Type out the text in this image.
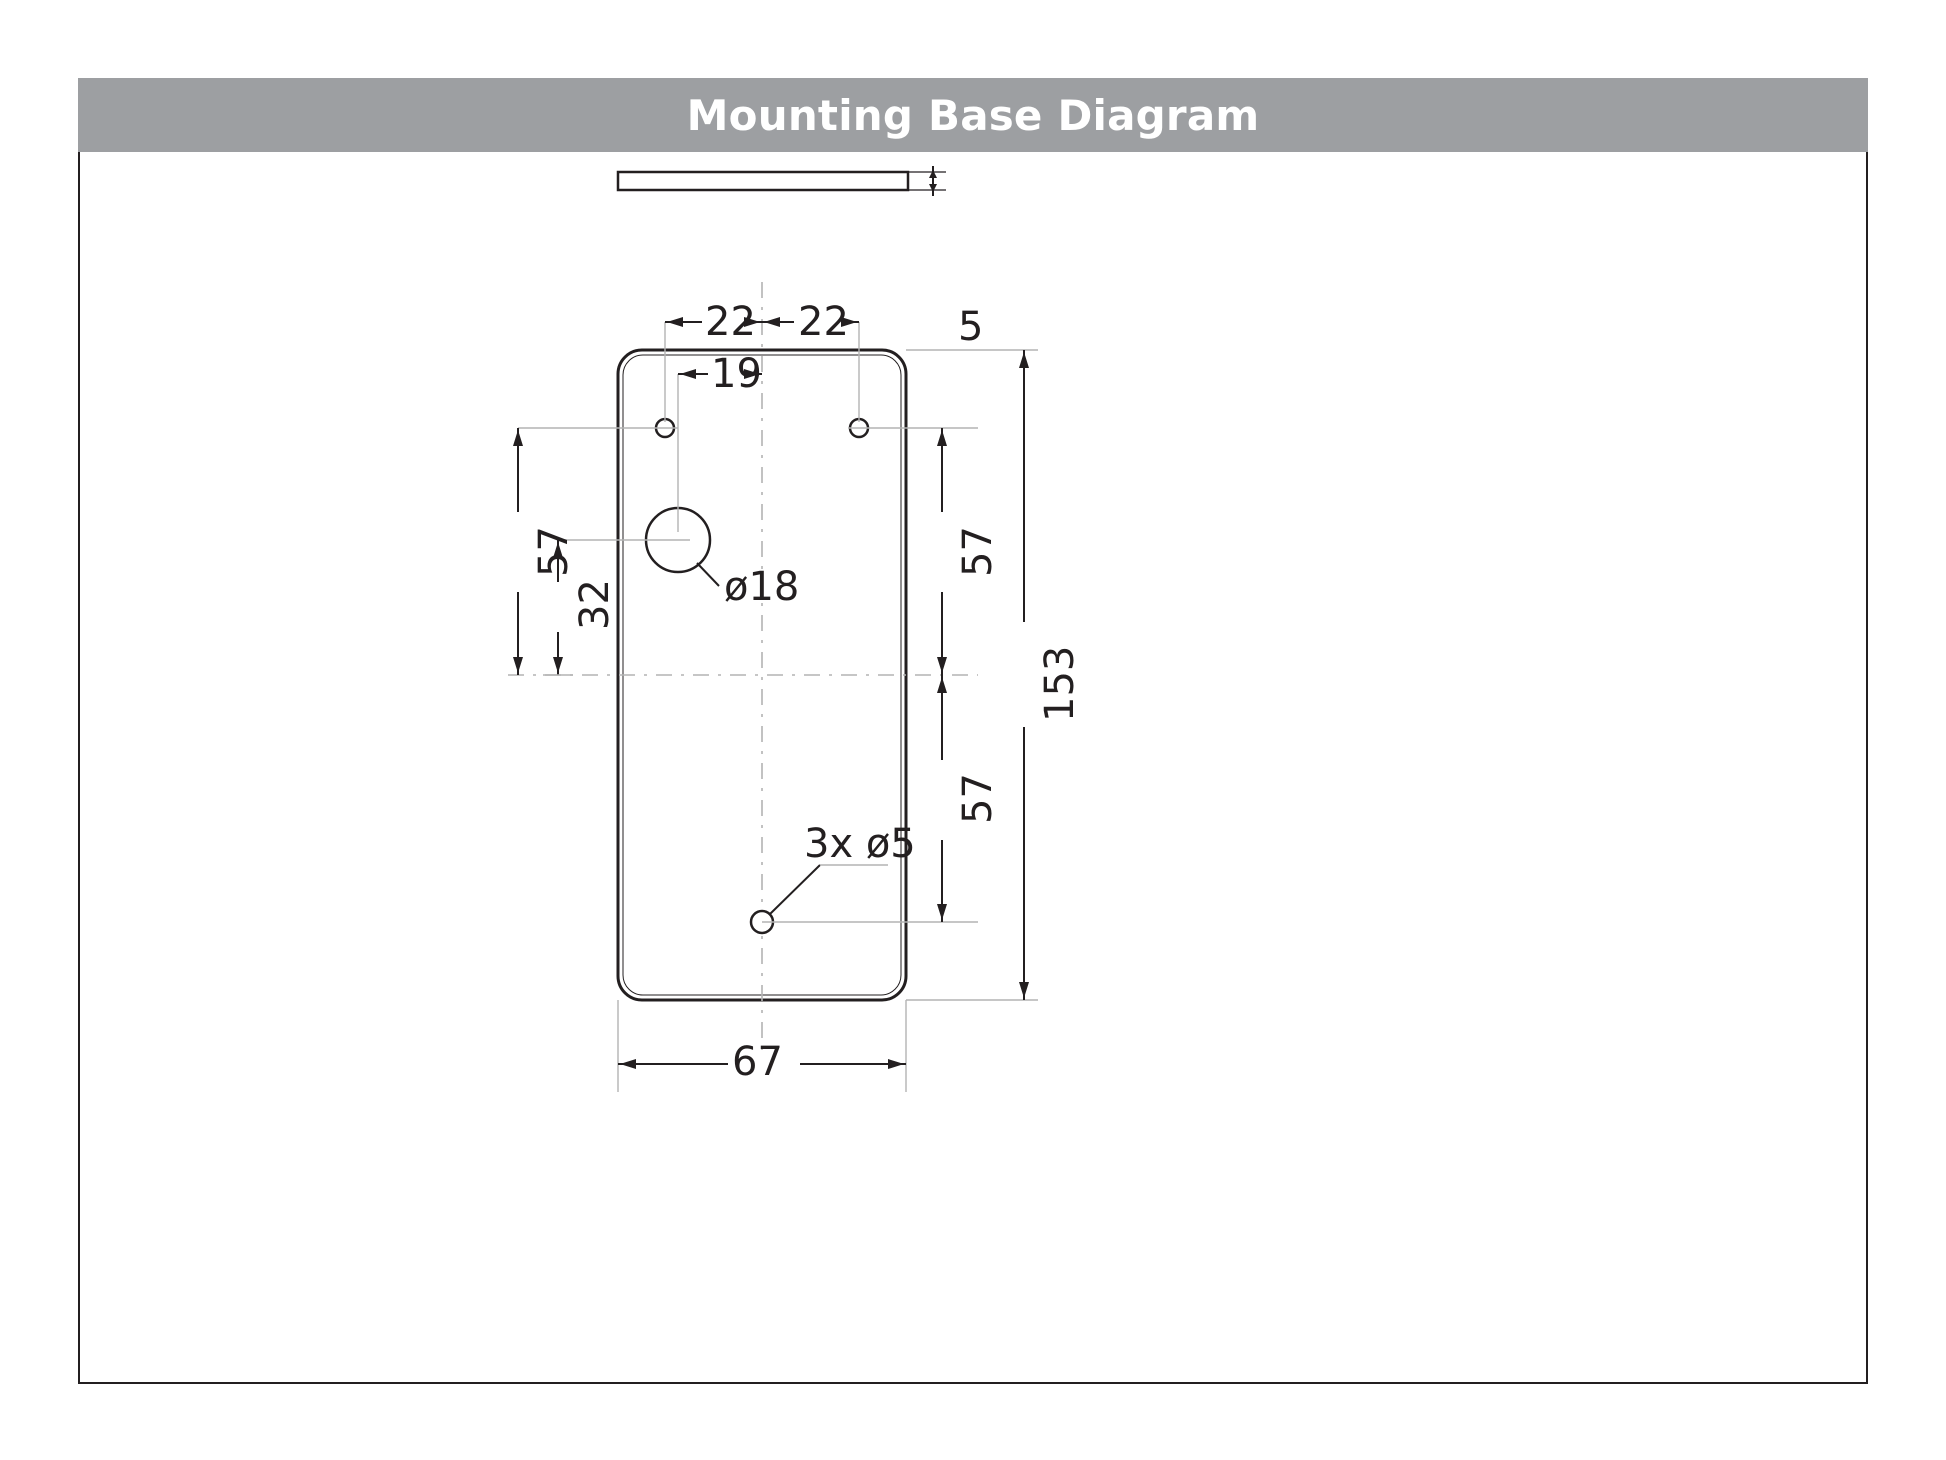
Mounting Base Diagram
5
22 22
19
57
32
57
57
153
67
ø18
3x ø5
